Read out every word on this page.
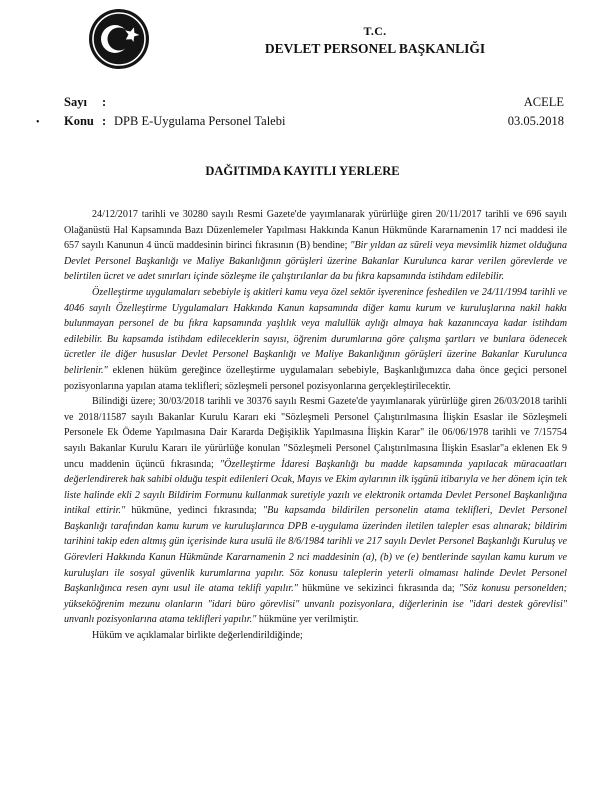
T.C.
DEVLET PERSONEL BAŞKANLIĞI
•
Sayı :
Konu : DPB E-Uygulama Personel Talebi
ACELE
03.05.2018
DAĞITIMDA KAYITLI YERLERE

24/12/2017 tarihli ve 30280 sayılı Resmi Gazete'de yayımlanarak yürürlüğe giren 20/11/2017 tarihli ve 696 sayılı Olağanüstü Hal Kapsamında Bazı Düzenlemeler Yapılması Hakkında Kanun Hükmünde Kararnamenin 17 nci maddesi ile 657 sayılı Kanunun 4 üncü maddesinin birinci fıkrasının (B) bendine; "Bir yıldan az süreli veya mevsimlik hizmet olduğuna Devlet Personel Başkanlığı ve Maliye Bakanlığının görüşleri üzerine Bakanlar Kurulunca karar verilen görevlerde ve belirtilen ücret ve adet sınırları içinde sözleşme ile çalıştırılanlar da bu fıkra kapsamında istihdam edilebilir.

Özelleştirme uygulamaları sebebiyle iş akitleri kamu veya özel sektör işverenince feshedilen ve 24/11/1994 tarihli ve 4046 sayılı Özelleştirme Uygulamaları Hakkında Kanun kapsamında diğer kamu kurum ve kuruluşlarına nakil hakkı bulunmayan personel de bu fıkra kapsamında yaşlılık veya malullük aylığı almaya hak kazanıncaya kadar istihdam edilebilir. Bu kapsamda istihdam edileceklerin sayısı, öğrenim durumlarına göre çalışma şartları ve bunlara ödenecek ücretler ile diğer hususlar Devlet Personel Başkanlığı ve Maliye Bakanlığının görüşleri üzerine Bakanlar Kurulunca belirlenir." eklenen hüküm gereğince özelleştirme uygulamaları sebebiyle, Başkanlığımızca daha önce geçici personel pozisyonlarına yapılan atama teklifleri; sözleşmeli personel pozisyonlarına gerçekleştirilecektir.

Bilindiği üzere; 30/03/2018 tarihli ve 30376 sayılı Resmi Gazete'de yayımlanarak yürürlüğe giren 26/03/2018 tarihli ve 2018/11587 sayılı Bakanlar Kurulu Kararı eki "Sözleşmeli Personel Çalıştırılmasına İlişkin Esaslar ile Sözleşmeli Personele Ek Ödeme Yapılmasına Dair Kararda Değişiklik Yapılmasına İlişkin Karar" ile 06/06/1978 tarihli ve 7/15754 sayılı Bakanlar Kurulu Kararı ile yürürlüğe konulan "Sözleşmeli Personel Çalıştırılmasına İlişkin Esaslar"a eklenen Ek 9 uncu maddenin üçüncü fıkrasında; "Özelleştirme İdaresi Başkanlığı bu madde kapsamında yapılacak müracaatları değerlendirerek hak sahibi olduğu tespit edilenleri Ocak, Mayıs ve Ekim aylarının ilk işgünü itibarıyla ve her dönem için tek liste halinde ekli 2 sayılı Bildirim Formunu kullanmak suretiyle yazılı ve elektronik ortamda Devlet Personel Başkanlığına intikal ettirir." hükmüne, yedinci fıkrasında; "Bu kapsamda bildirilen personelin atama teklifleri, Devlet Personel Başkanlığı tarafından kamu kurum ve kuruluşlarınca DPB e-uygulama üzerinden iletilen talepler esas alınarak; bildirim tarihini takip eden altmış gün içerisinde kura usulü ile 8/6/1984 tarihli ve 217 sayılı Devlet Personel Başkanlığı Kuruluş ve Görevleri Hakkında Kanun Hükmünde Kararnamenin 2 nci maddesinin (a), (b) ve (e) bentlerinde sayılan kamu kurum ve kuruluşları ile sosyal güvenlik kurumlarına yapılır. Söz konusu taleplerin yeterli olmaması halinde Devlet Personel Başkanlığınca resen aynı usul ile atama teklifi yapılır." hükmüne ve sekizinci fıkrasında da; "Söz konusu personelden; yükseköğrenim mezunu olanların "idari büro görevlisi" unvanlı pozisyonlara, diğerlerinin ise "idari destek görevlisi" unvanlı pozisyonlarına atama teklifleri yapılır." hükmüne yer verilmiştir.

Hüküm ve açıklamalar birlikte değerlendirildiğinde;
